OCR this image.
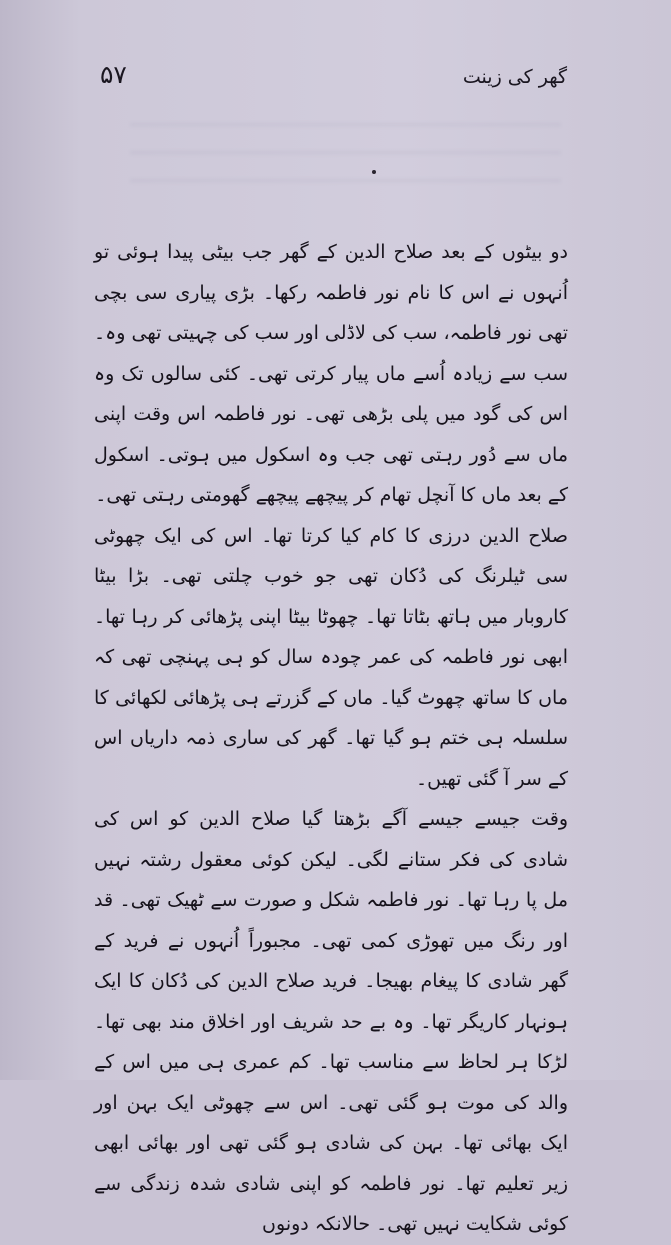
۵۷	گھر کی زینت

دو بیٹوں کے بعد صلاح الدین کے گھر جب بیٹی پیدا ہوئی تو اُنہوں نے اس کا نام نور فاطمہ رکھا۔ بڑی پیاری سی بچی تھی نور فاطمہ، سب کی لاڈلی اور سب کی چہیتی تھی وہ۔ سب سے زیادہ اُسے ماں پیار کرتی تھی۔ کئی سالوں تک وہ اس کی گود میں پلی بڑھی تھی۔ نور فاطمہ اس وقت اپنی ماں سے دُور رہتی تھی جب وہ اسکول میں ہوتی۔ اسکول کے بعد ماں کا آنچل تھام کر پیچھے پیچھے گھومتی رہتی تھی۔

صلاح الدین درزی کا کام کیا کرتا تھا۔ اس کی ایک چھوٹی سی ٹیلرنگ کی دُکان تھی جو خوب چلتی تھی۔ بڑا بیٹا کاروبار میں ہاتھ بٹاتا تھا۔ چھوٹا بیٹا اپنی پڑھائی کر رہا تھا۔ ابھی نور فاطمہ کی عمر چودہ سال کو ہی پہنچی تھی کہ ماں کا ساتھ چھوٹ گیا۔ ماں کے گزرتے ہی پڑھائی لکھائی کا سلسلہ ہی ختم ہو گیا تھا۔ گھر کی ساری ذمہ داریاں اس کے سر آ گئی تھیں۔

وقت جیسے جیسے آگے بڑھتا گیا صلاح الدین کو اس کی شادی کی فکر ستانے لگی۔ لیکن کوئی معقول رشتہ نہیں مل پا رہا تھا۔ نور فاطمہ شکل و صورت سے ٹھیک تھی۔ قد اور رنگ میں تھوڑی کمی تھی۔ مجبوراً اُنہوں نے فرید کے گھر شادی کا پیغام بھیجا۔ فرید صلاح الدین کی دُکان کا ایک ہونہار کاریگر تھا۔ وہ بے حد شریف اور اخلاق مند بھی تھا۔ لڑکا ہر لحاظ سے مناسب تھا۔ کم عمری ہی میں اس کے والد کی موت ہو گئی تھی۔ اس سے چھوٹی ایک بہن اور ایک بھائی تھا۔ بہن کی شادی ہو گئی تھی اور بھائی ابھی زیر تعلیم تھا۔ نور فاطمہ کو اپنی شادی شدہ زندگی سے کوئی شکایت نہیں تھی۔ حالانکہ دونوں
